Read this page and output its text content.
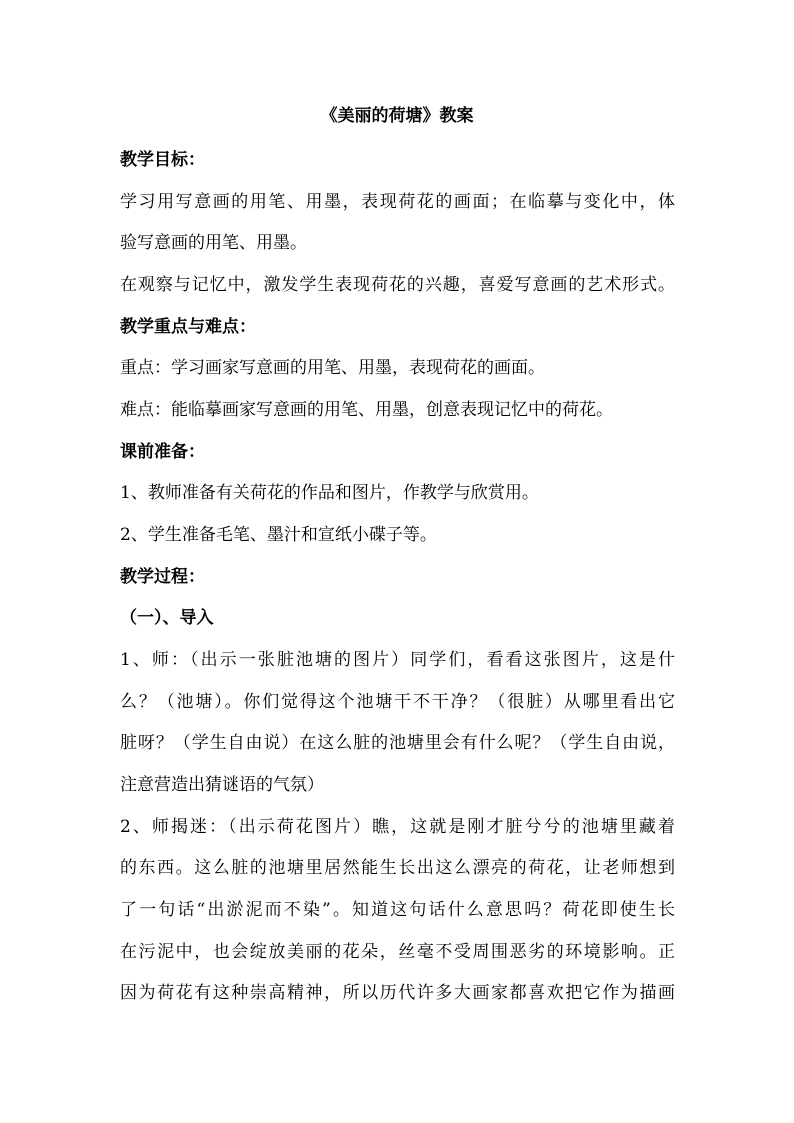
《美丽的荷塘》教案
教学目标：
学习用写意画的用笔、用墨，表现荷花的画面；在临摹与变化中，体
验写意画的用笔、用墨。
在观察与记忆中，激发学生表现荷花的兴趣，喜爱写意画的艺术形式。
教学重点与难点：
重点：学习画家写意画的用笔、用墨，表现荷花的画面。
难点：能临摹画家写意画的用笔、用墨，创意表现记忆中的荷花。
课前准备：
1、教师准备有关荷花的作品和图片，作教学与欣赏用。
2、学生准备毛笔、墨汁和宣纸小碟子等。
教学过程：
（一）、导入
1、师：（出示一张脏池塘的图片）同学们，看看这张图片，这是什
么？（池塘）。你们觉得这个池塘干不干净？（很脏）从哪里看出它
脏呀？（学生自由说）在这么脏的池塘里会有什么呢？（学生自由说，
注意营造出猜谜语的气氛）
2、师揭迷：（出示荷花图片）瞧，这就是刚才脏兮兮的池塘里藏着
的东西。这么脏的池塘里居然能生长出这么漂亮的荷花，让老师想到
了一句话“出淤泥而不染”。知道这句话什么意思吗？荷花即使生长
在污泥中，也会绽放美丽的花朵，丝毫不受周围恶劣的环境影响。正
因为荷花有这种崇高精神，所以历代许多大画家都喜欢把它作为描画
